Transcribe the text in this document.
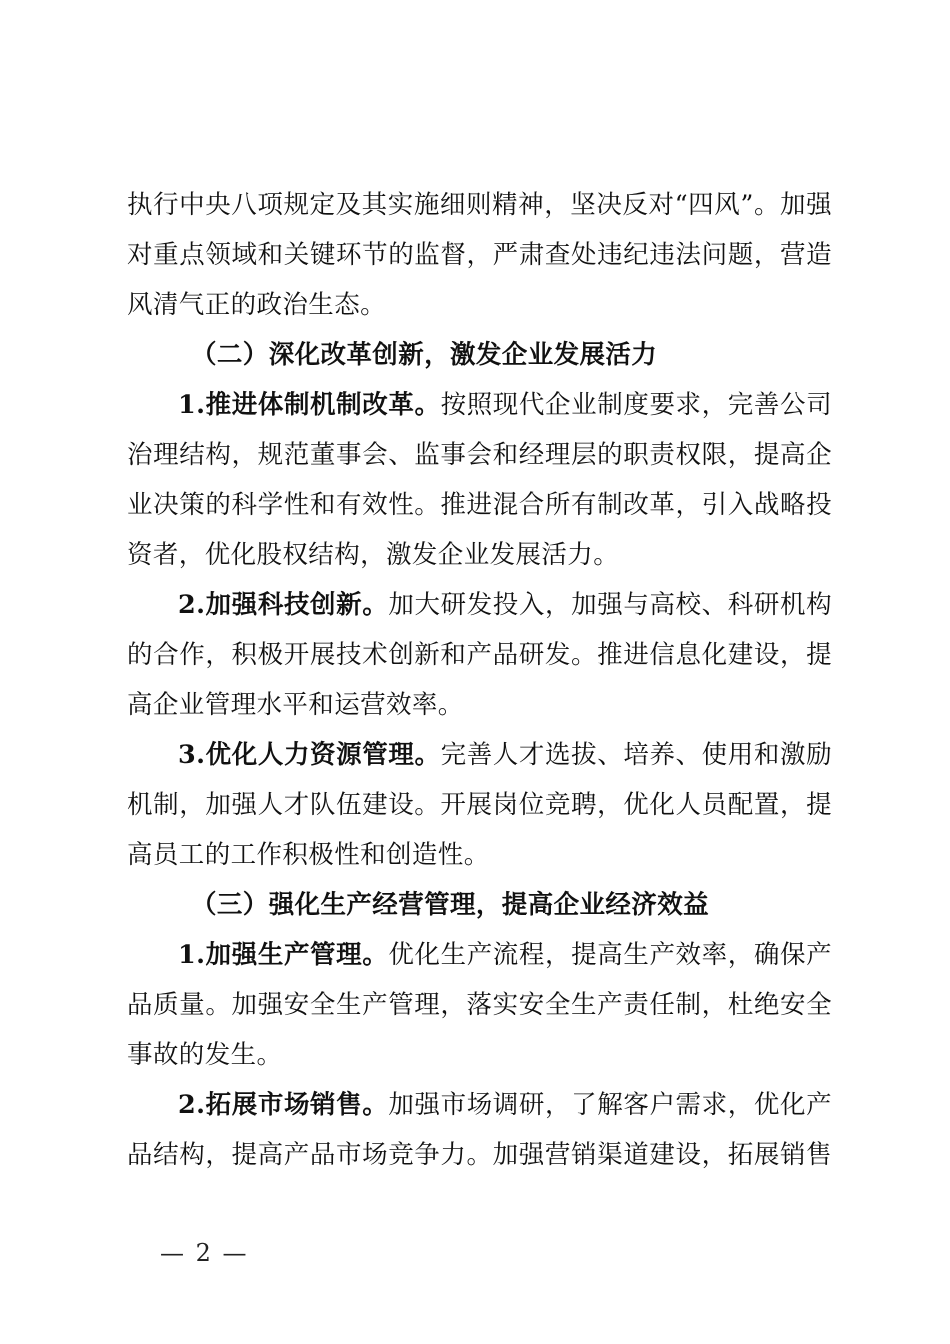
执行中央八项规定及其实施细则精神，坚决反对“四风”。加强
对重点领域和关键环节的监督，严肃查处违纪违法问题，营造
风清气正的政治生态。
（二）深化改革创新，激发企业发展活力
1.推进体制机制改革。按照现代企业制度要求，完善公司
治理结构，规范董事会、监事会和经理层的职责权限，提高企
业决策的科学性和有效性。推进混合所有制改革，引入战略投
资者，优化股权结构，激发企业发展活力。
2.加强科技创新。加大研发投入，加强与高校、科研机构
的合作，积极开展技术创新和产品研发。推进信息化建设，提
高企业管理水平和运营效率。
3.优化人力资源管理。完善人才选拔、培养、使用和激励
机制，加强人才队伍建设。开展岗位竞聘，优化人员配置，提
高员工的工作积极性和创造性。
（三）强化生产经营管理，提高企业经济效益
1.加强生产管理。优化生产流程，提高生产效率，确保产
品质量。加强安全生产管理，落实安全生产责任制，杜绝安全
事故的发生。
2.拓展市场销售。加强市场调研，了解客户需求，优化产
品结构，提高产品市场竞争力。加强营销渠道建设，拓展销售
— 2 —
